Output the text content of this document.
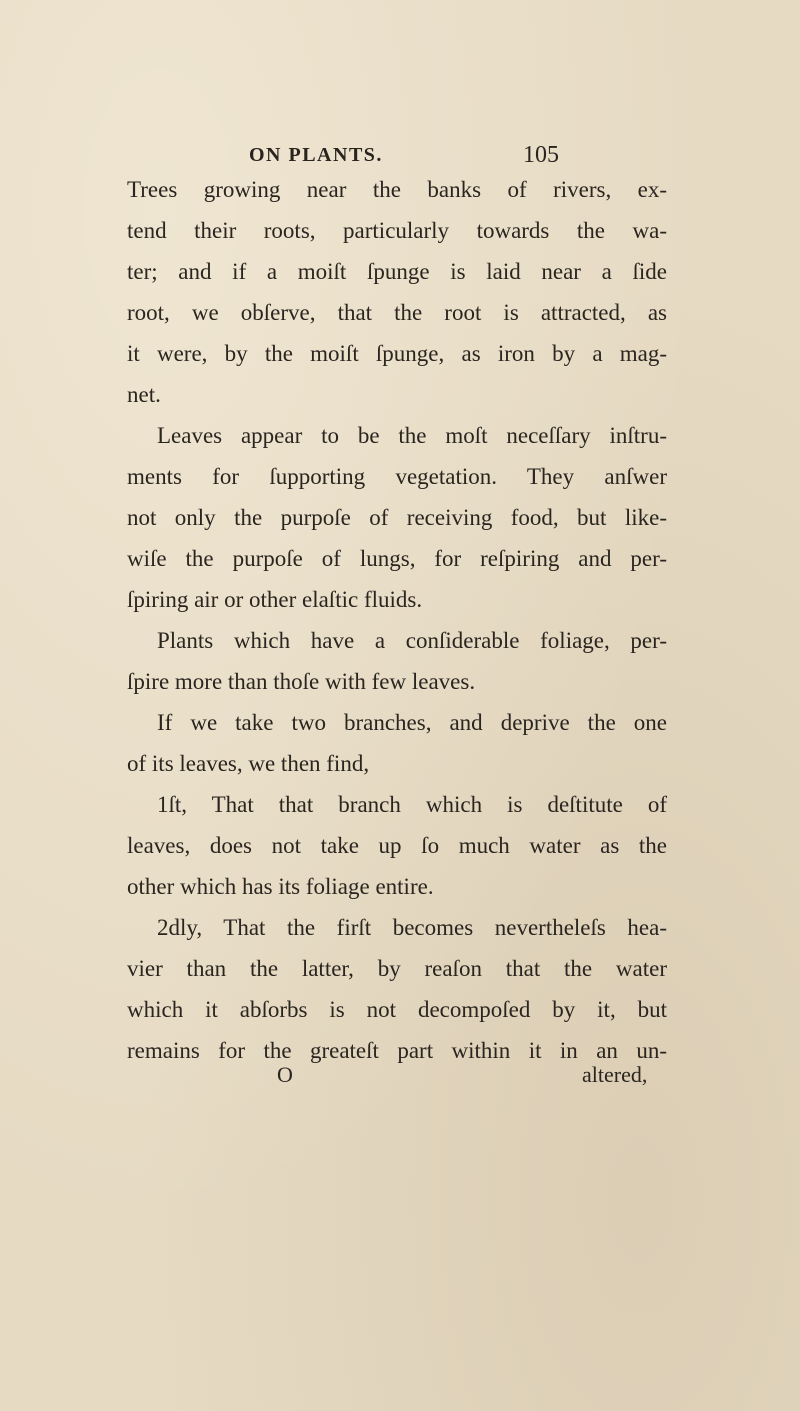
ON PLANTS.	105
Trees growing near the banks of rivers, ex-
tend their roots, particularly towards the wa-
ter; and if a moiſt ſpunge is laid near a ſide
root, we obſerve, that the root is attracted, as
it were, by the moiſt ſpunge, as iron by a mag-
net.
Leaves appear to be the moſt neceſſary inſtru-
ments for ſupporting vegetation. They anſwer
not only the purpoſe of receiving food, but like-
wiſe the purpoſe of lungs, for reſpiring and per-
ſpiring air or other elaſtic fluids.
Plants which have a conſiderable foliage, per-
ſpire more than thoſe with few leaves.
If we take two branches, and deprive the one
of its leaves, we then find,
1ſt, That that branch which is deſtitute of
leaves, does not take up ſo much water as the
other which has its foliage entire.
2dly, That the firſt becomes nevertheleſs hea-
vier than the latter, by reaſon that the water
which it abſorbs is not decompoſed by it, but
remains for the greateſt part within it in an un-
O	altered,
